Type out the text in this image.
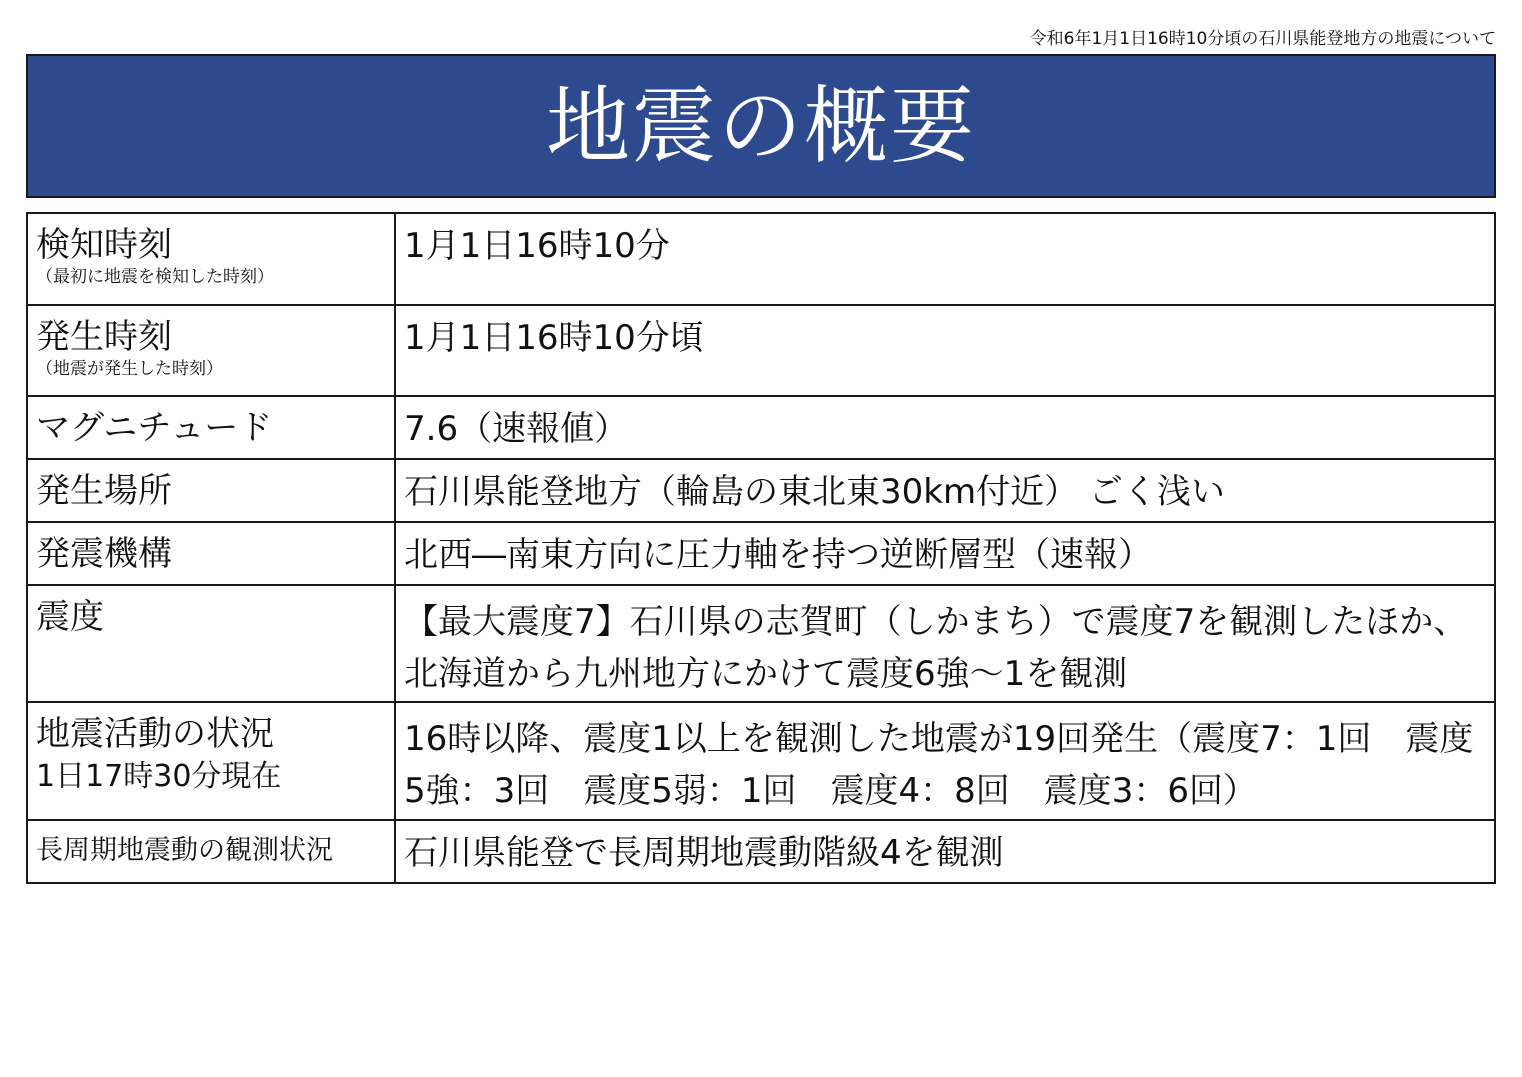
令和6年1月1日16時10分頃の石川県能登地方の地震について
地震の概要
検知時刻
（最初に地震を検知した時刻）	1月1日16時10分

発生時刻
（地震が発生した時刻）	1月1日16時10分頃

マグニチュード	7.6（速報値）

発生場所	石川県能登地方（輪島の東北東30km付近） ごく浅い

発震機構	北西―南東方向に圧力軸を持つ逆断層型（速報）

震度	【最大震度7】石川県の志賀町（しかまち）で震度7を観測したほか、北海道から九州地方にかけて震度6強～1を観測

地震活動の状況
1日17時30分現在	16時以降、震度1以上を観測した地震が19回発生（震度7：1回　震度5強：3回　震度5弱：1回　震度4：8回　震度3：6回）

長周期地震動の観測状況	石川県能登で長周期地震動階級4を観測
